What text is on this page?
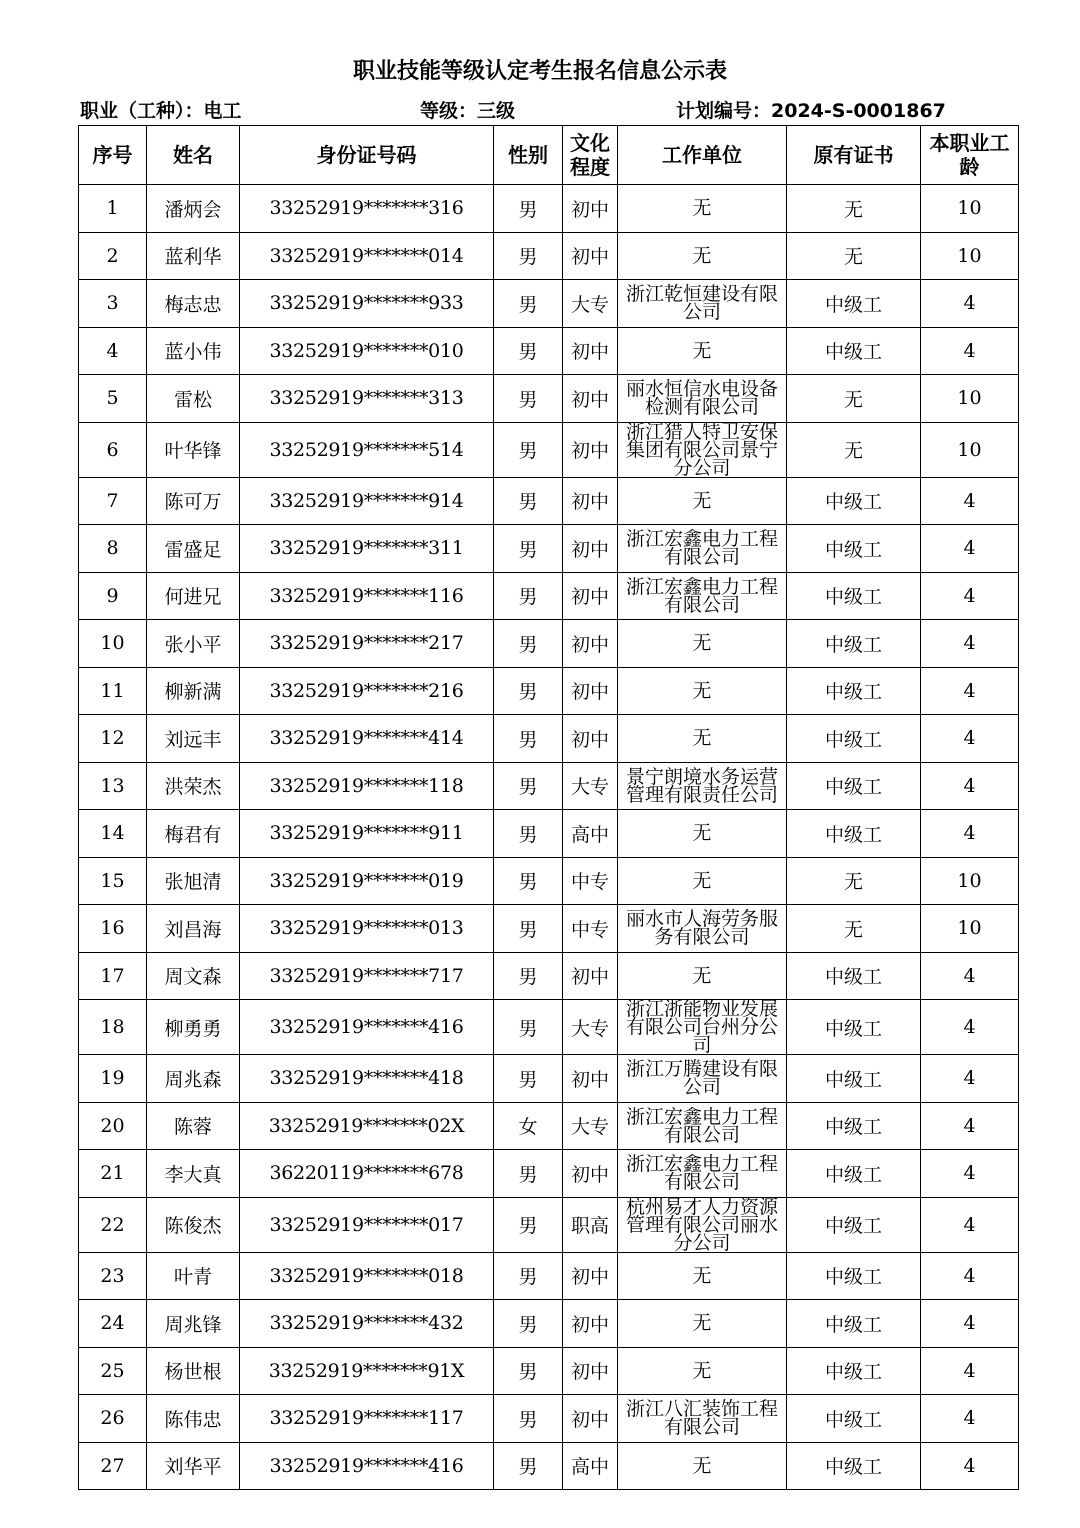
职业技能等级认定考生报名信息公示表
职业（工种）：电工	等级：三级	计划编号：2024-S-0001867
序号	姓名	身份证号码	性别	文化程度	工作单位	原有证书	本职业工龄
1	潘炳会	33252919*******316	男	初中	无	无	10
2	蓝利华	33252919*******014	男	初中	无	无	10
3	梅志忠	33252919*******933	男	大专	浙江乾恒建设有限公司	中级工	4
4	蓝小伟	33252919*******010	男	初中	无	中级工	4
5	雷松	33252919*******313	男	初中	丽水恒信水电设备检测有限公司	无	10
6	叶华锋	33252919*******514	男	初中	浙江猎人特卫安保集团有限公司景宁分公司	无	10
7	陈可万	33252919*******914	男	初中	无	中级工	4
8	雷盛足	33252919*******311	男	初中	浙江宏鑫电力工程有限公司	中级工	4
9	何进兄	33252919*******116	男	初中	浙江宏鑫电力工程有限公司	中级工	4
10	张小平	33252919*******217	男	初中	无	中级工	4
11	柳新满	33252919*******216	男	初中	无	中级工	4
12	刘远丰	33252919*******414	男	初中	无	中级工	4
13	洪荣杰	33252919*******118	男	大专	景宁朗境水务运营管理有限责任公司	中级工	4
14	梅君有	33252919*******911	男	高中	无	中级工	4
15	张旭清	33252919*******019	男	中专	无	无	10
16	刘昌海	33252919*******013	男	中专	丽水市人海劳务服务有限公司	无	10
17	周文森	33252919*******717	男	初中	无	中级工	4
18	柳勇勇	33252919*******416	男	大专	浙江浙能物业发展有限公司台州分公司	中级工	4
19	周兆森	33252919*******418	男	初中	浙江万腾建设有限公司	中级工	4
20	陈蓉	33252919*******02X	女	大专	浙江宏鑫电力工程有限公司	中级工	4
21	李大真	36220119*******678	男	初中	浙江宏鑫电力工程有限公司	中级工	4
22	陈俊杰	33252919*******017	男	职高	杭州易才人力资源管理有限公司丽水分公司	中级工	4
23	叶青	33252919*******018	男	初中	无	中级工	4
24	周兆锋	33252919*******432	男	初中	无	中级工	4
25	杨世根	33252919*******91X	男	初中	无	中级工	4
26	陈伟忠	33252919*******117	男	初中	浙江八汇装饰工程有限公司	中级工	4
27	刘华平	33252919*******416	男	高中	无	中级工	4
